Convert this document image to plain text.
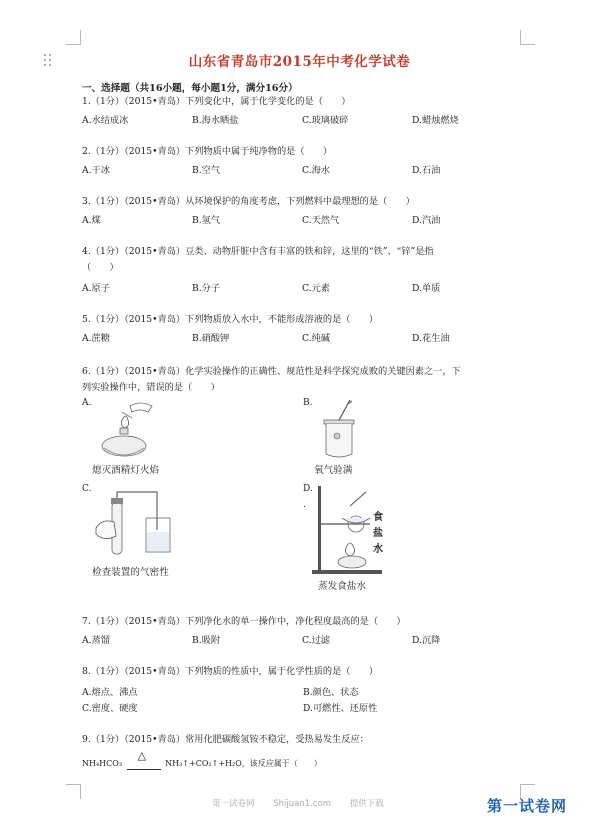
山东省青岛市2015年中考化学试卷
一、选择题（共16小题，每小题1分，满分16分）
1.（1分）（2015•青岛）下列变化中，属于化学变化的是（　　）
A.水结成冰	B.海水晒盐	C.玻璃破碎	D.蜡烛燃烧
2.（1分）（2015•青岛）下列物质中属于纯净物的是（　　）
A.干冰	B.空气	C.海水	D.石油
3.（1分）（2015•青岛）从环境保护的角度考虑，下列燃料中最理想的是（　　）
A.煤	B.氢气	C.天然气	D.汽油
4.（1分）（2015•青岛）豆类、动物肝脏中含有丰富的铁和锌，这里的“铁”、“锌”是指
（　　）
A.原子	B.分子	C.元素	D.单质
5.（1分）（2015•青岛）下列物质放入水中，不能形成溶液的是（　　）
A.蔗糖	B.硝酸钾	C.纯碱	D.花生油
6.（1分）（2015•青岛）化学实验操作的正确性、规范性是科学探究成败的关键因素之一，下
列实验操作中，错误的是（　　）
A.
熄灭酒精灯火焰
B.
氧气验满
C.
检查装置的气密性
D.
.
食
盐
水
蒸发食盐水
7.（1分）（2015•青岛）下列净化水的单一操作中，净化程度最高的是（　　）
A.蒸馏	B.吸附	C.过滤	D.沉降
8.（1分）（2015•青岛）下列物质的性质中，属于化学性质的是（　　）
A.熔点、沸点	B.颜色、状态
C.密度、硬度	D.可燃性、还原性
9.（1分）（2015•青岛）常用化肥碳酸氢铵不稳定，受热易发生反应：
NH₄HCO₃
△
NH₃↑+CO₂↑+H₂O，该反应属于（　　）
第一试卷网 Shijuan1.com 提供下载	第一试卷网
